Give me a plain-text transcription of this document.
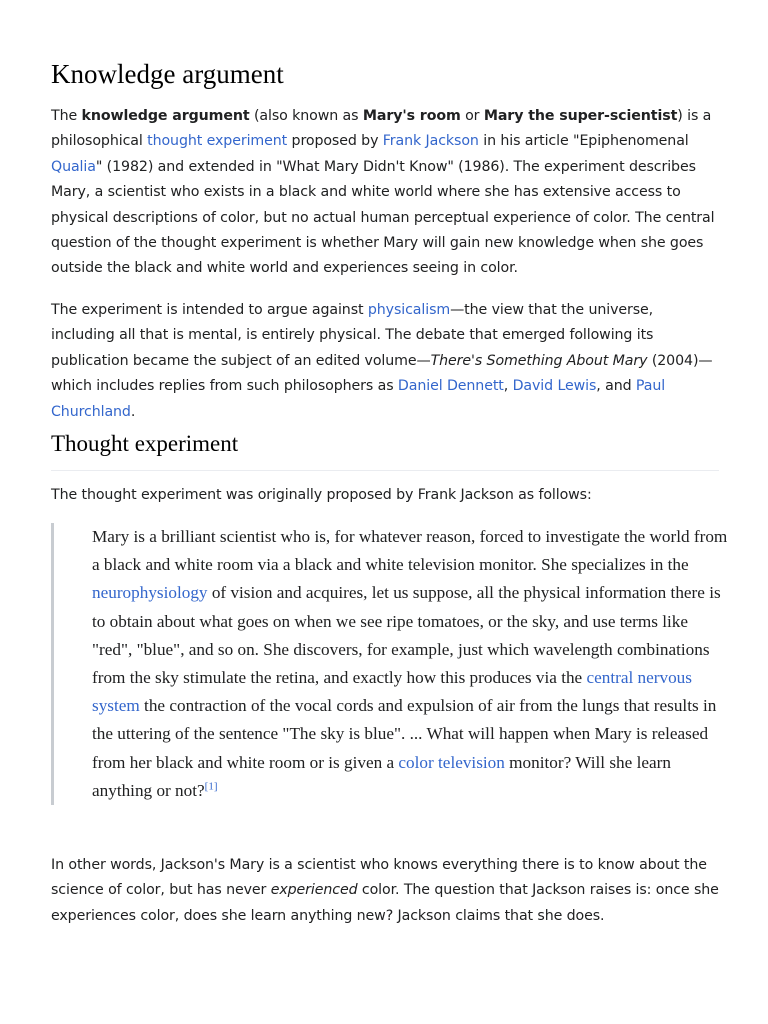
Knowledge argument

The knowledge argument (also known as Mary's room or Mary the super-scientist) is a philosophical thought experiment proposed by Frank Jackson in his article "Epiphenomenal Qualia" (1982) and extended in "What Mary Didn't Know" (1986). The experiment describes Mary, a scientist who exists in a black and white world where she has extensive access to physical descriptions of color, but no actual human perceptual experience of color. The central question of the thought experiment is whether Mary will gain new knowledge when she goes outside the black and white world and experiences seeing in color.

The experiment is intended to argue against physicalism—the view that the universe, including all that is mental, is entirely physical. The debate that emerged following its publication became the subject of an edited volume—There's Something About Mary (2004)—which includes replies from such philosophers as Daniel Dennett, David Lewis, and Paul Churchland.

Thought experiment

The thought experiment was originally proposed by Frank Jackson as follows:

Mary is a brilliant scientist who is, for whatever reason, forced to investigate the world from a black and white room via a black and white television monitor. She specializes in the neurophysiology of vision and acquires, let us suppose, all the physical information there is to obtain about what goes on when we see ripe tomatoes, or the sky, and use terms like "red", "blue", and so on. She discovers, for example, just which wavelength combinations from the sky stimulate the retina, and exactly how this produces via the central nervous system the contraction of the vocal cords and expulsion of air from the lungs that results in the uttering of the sentence "The sky is blue". ... What will happen when Mary is released from her black and white room or is given a color television monitor? Will she learn anything or not?[1]

In other words, Jackson's Mary is a scientist who knows everything there is to know about the science of color, but has never experienced color. The question that Jackson raises is: once she experiences color, does she learn anything new? Jackson claims that she does.
